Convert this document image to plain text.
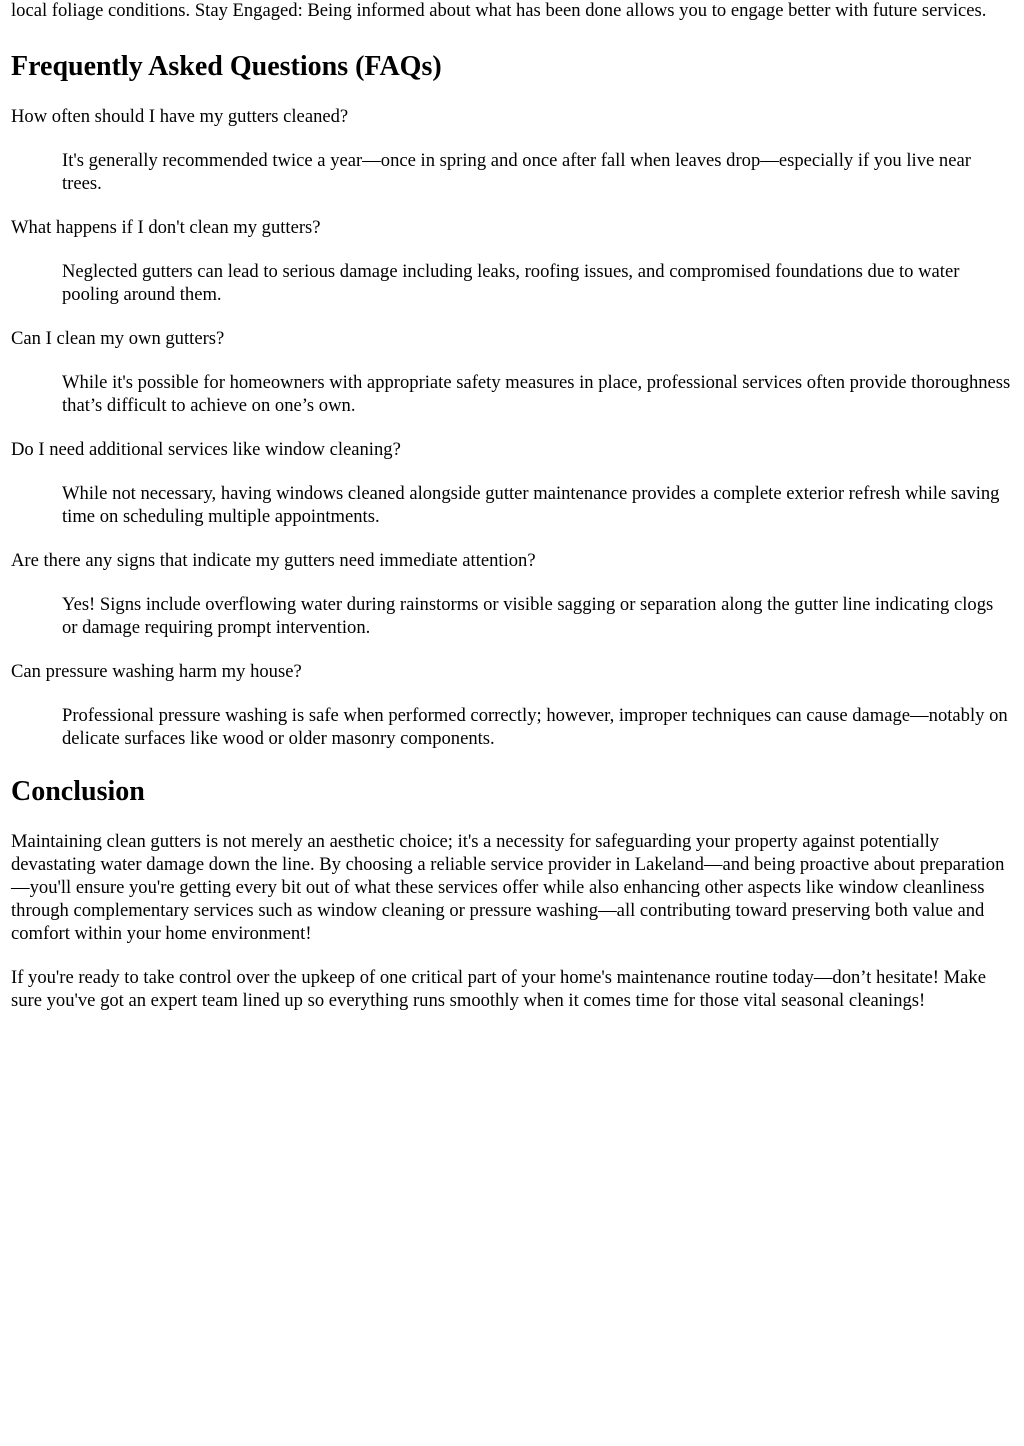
local foliage conditions. Stay Engaged: Being informed about what has been done allows you to engage better with future services.

Frequently Asked Questions (FAQs)
How often should I have my gutters cleaned?
It's generally recommended twice a year—once in spring and once after fall when leaves drop—especially if you live near trees.
What happens if I don't clean my gutters?
Neglected gutters can lead to serious damage including leaks, roofing issues, and compromised foundations due to water pooling around them.
Can I clean my own gutters?
While it's possible for homeowners with appropriate safety measures in place, professional services often provide thoroughness that’s difficult to achieve on one’s own.
Do I need additional services like window cleaning?
While not necessary, having windows cleaned alongside gutter maintenance provides a complete exterior refresh while saving time on scheduling multiple appointments.
Are there any signs that indicate my gutters need immediate attention?
Yes! Signs include overflowing water during rainstorms or visible sagging or separation along the gutter line indicating clogs or damage requiring prompt intervention.
Can pressure washing harm my house?
Professional pressure washing is safe when performed correctly; however, improper techniques can cause damage—notably on delicate surfaces like wood or older masonry components.
Conclusion

Maintaining clean gutters is not merely an aesthetic choice; it's a necessity for safeguarding your property against potentially devastating water damage down the line. By choosing a reliable service provider in Lakeland—and being proactive about preparation—you'll ensure you're getting every bit out of what these services offer while also enhancing other aspects like window cleanliness through complementary services such as window cleaning or pressure washing—all contributing toward preserving both value and comfort within your home environment!

If you're ready to take control over the upkeep of one critical part of your home's maintenance routine today—don’t hesitate! Make sure you've got an expert team lined up so everything runs smoothly when it comes time for those vital seasonal cleanings!
